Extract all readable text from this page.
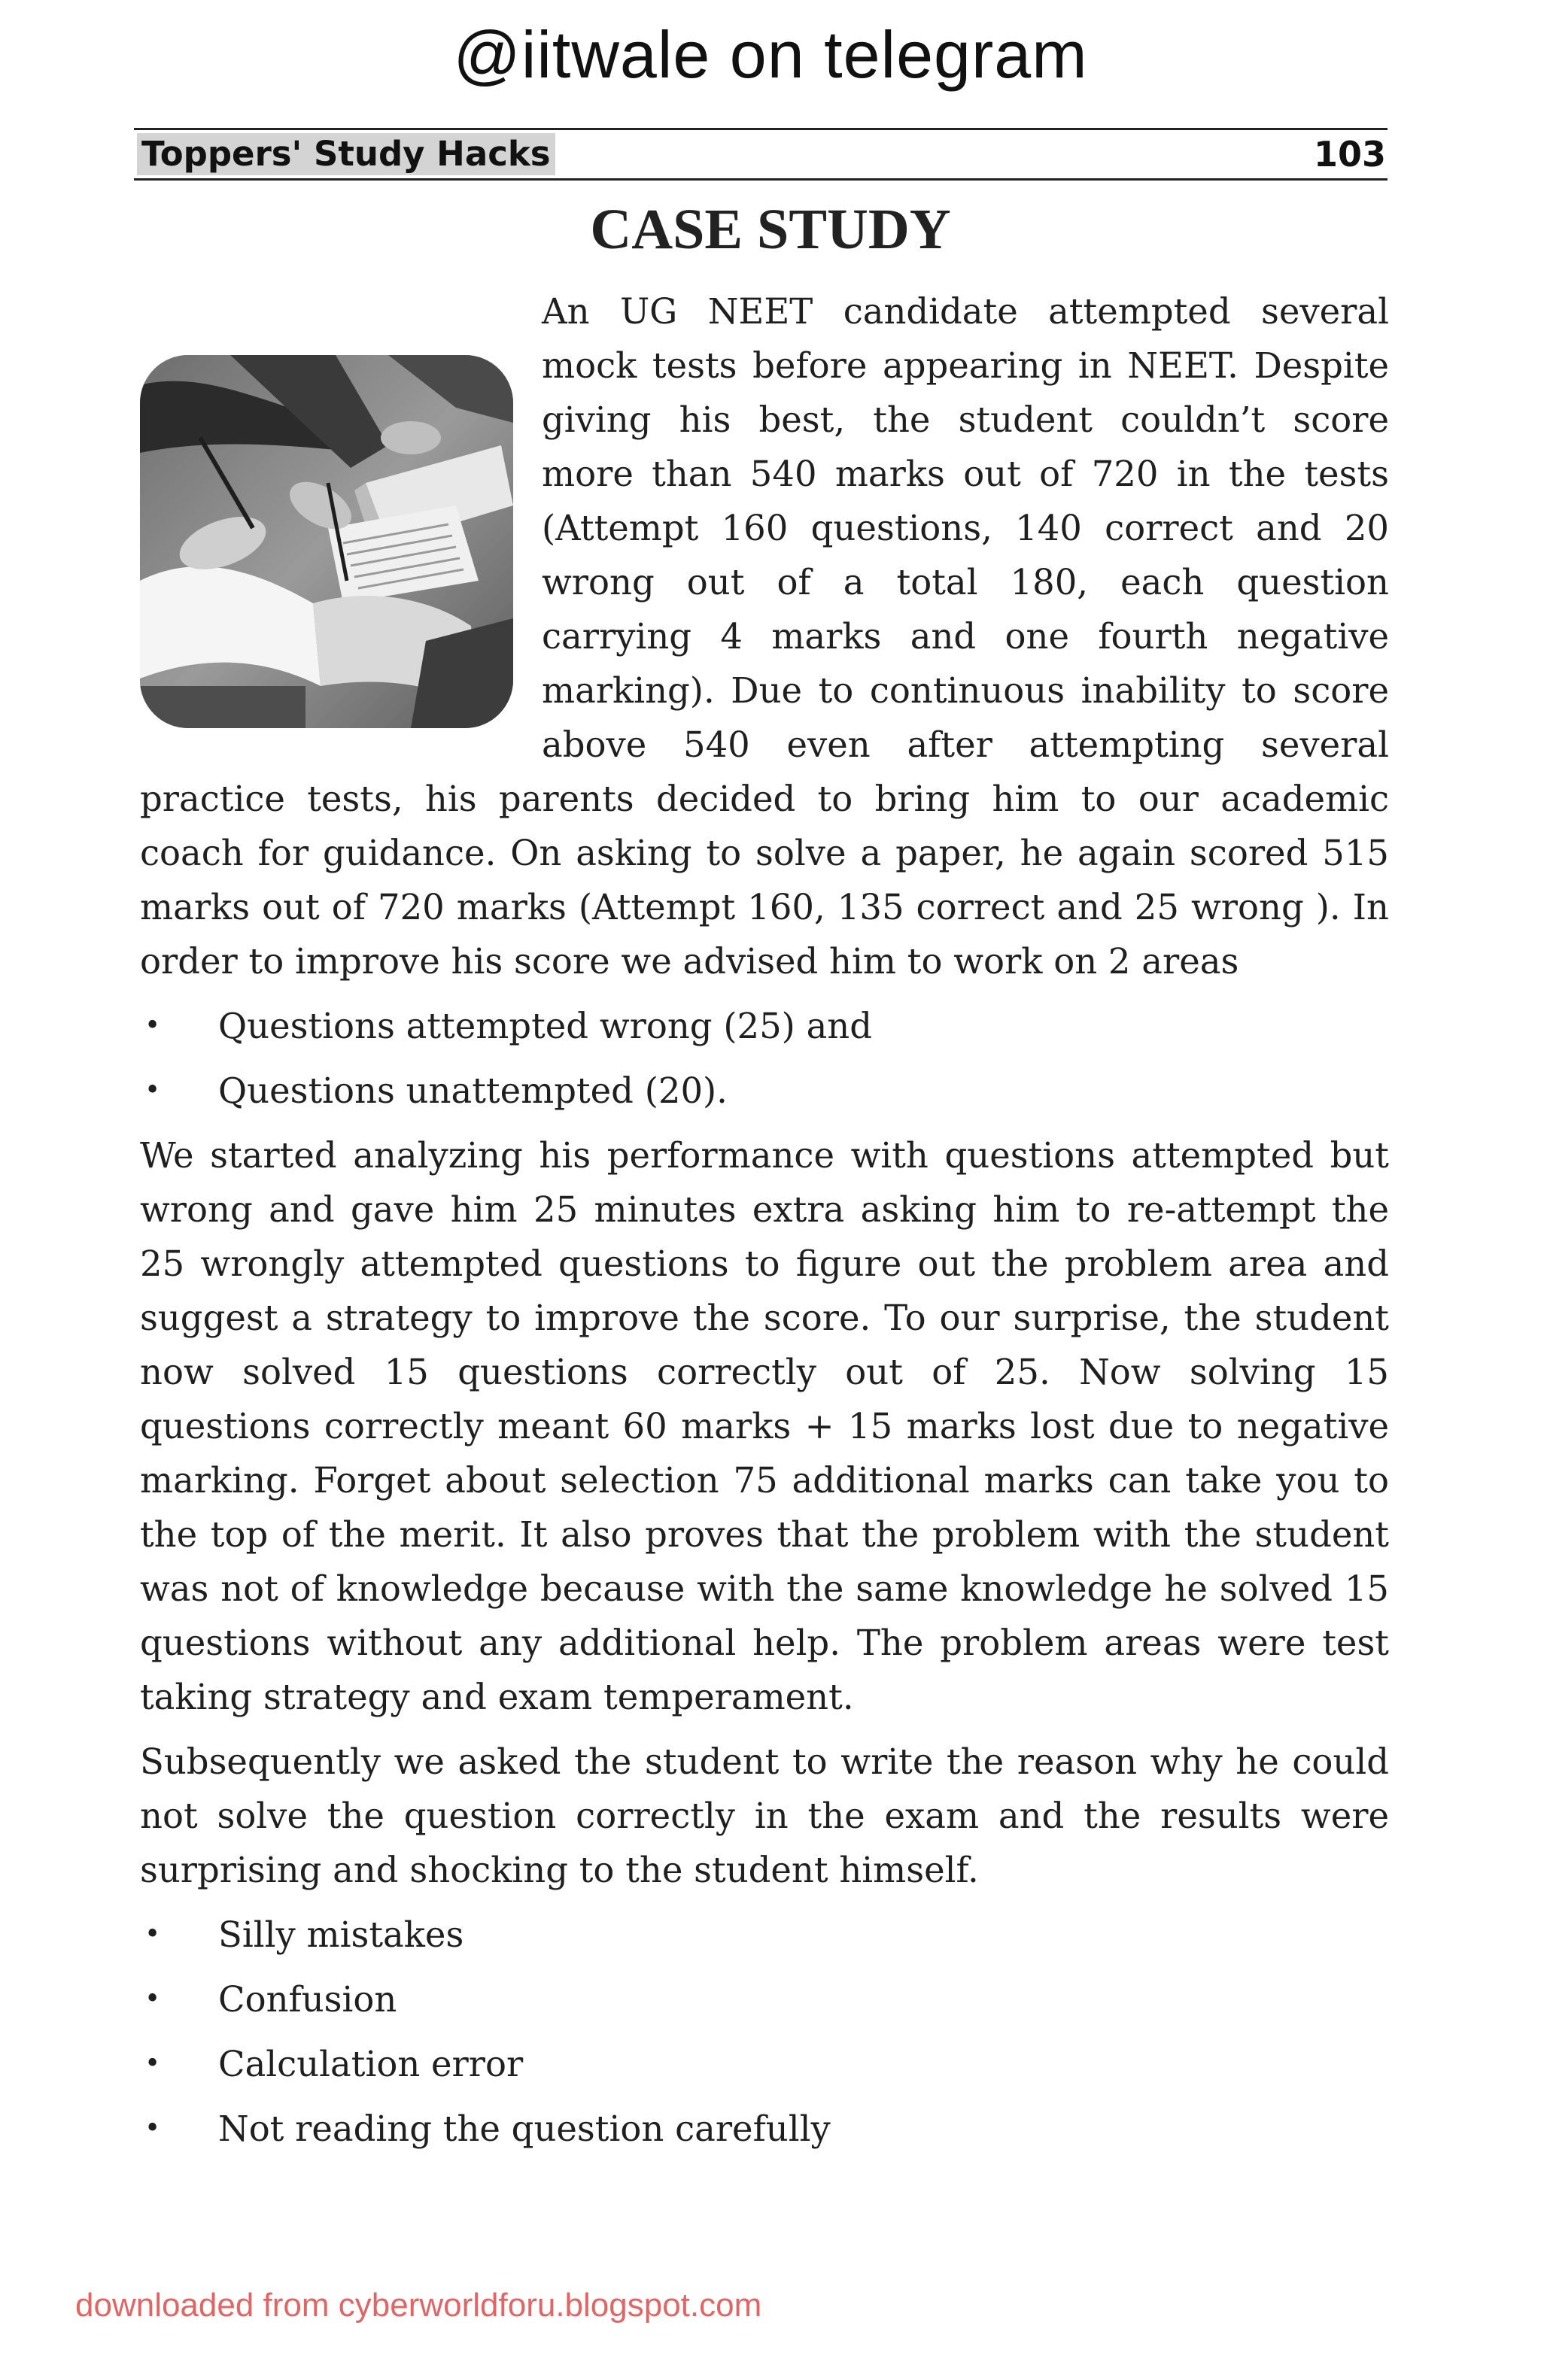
@iitwale on telegram
Toppers' Study Hacks	103
CASE STUDY

An UG NEET candidate attempted several mock tests before appearing in NEET. Despite giving his best, the student couldn’t score more than 540 marks out of 720 in the tests (Attempt 160 questions, 140 correct and 20 wrong out of a total 180, each question carrying 4 marks and one fourth negative marking). Due to continuous inability to score above 540 even after attempting several practice tests, his parents decided to bring him to our academic coach for guidance. On asking to solve a paper, he again scored 515 marks out of 720 marks (Attempt 160, 135 correct and 25 wrong ). In order to improve his score we advised him to work on 2 areas

• Questions attempted wrong (25) and
• Questions unattempted (20).

We started analyzing his performance with questions attempted but wrong and gave him 25 minutes extra asking him to re-attempt the 25 wrongly attempted questions to figure out the problem area and suggest a strategy to improve the score. To our surprise, the student now solved 15 questions correctly out of 25. Now solving 15 questions correctly meant 60 marks + 15 marks lost due to negative marking. Forget about selection 75 additional marks can take you to the top of the merit. It also proves that the problem with the student was not of knowledge because with the same knowledge he solved 15 questions without any additional help. The problem areas were test taking strategy and exam temperament.

Subsequently we asked the student to write the reason why he could not solve the question correctly in the exam and the results were surprising and shocking to the student himself.

• Silly mistakes
• Confusion
• Calculation error
• Not reading the question carefully
downloaded from cyberworldforu.blogspot.com
